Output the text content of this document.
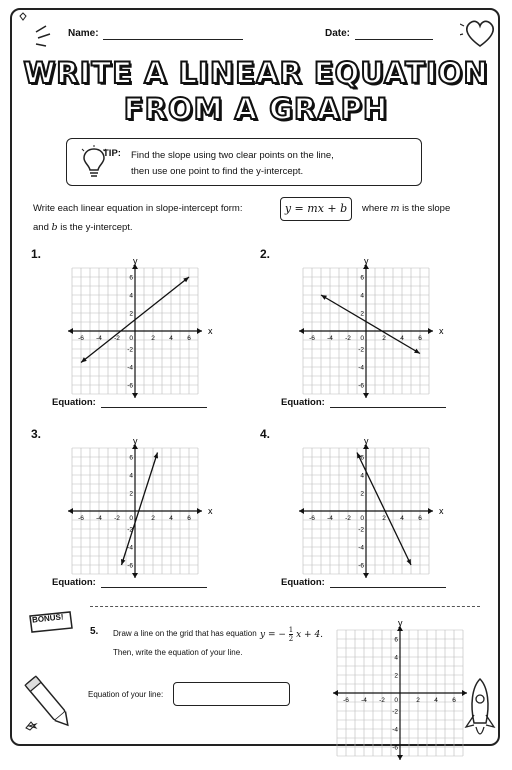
Name:	Date:
WRITE A LINEAR EQUATION
FROM A GRAPH
TIP: Find the slope using two clear points on the line,
then use one point to find the y-intercept.
Write each linear equation in slope-intercept form:	y = mx + b	where m is the slope
and b is the y-intercept.
1.	2.
3.	4.
Equation:	Equation:
Equation:	Equation:
x
y
-6
-6
-4
-4
-2
-2
2
2
4
4
6
6
0
x
y
-6
-6
-4
-4
-2
-2
2
2
4
4
6
6
0
x
y
-6
-6
-4
-4
-2
-2
2
2
4
4
6
6
0
x
y
-6
-6
-4
-4
-2
-2
2
2
4
4
6
6
0
BONUS!
5. Draw a line on the grid that has equation y = − $\frac{1}{2}$ x + 4.
Then, write the equation of your line.
Equation of your line:
y
-6
-6
-4
-4
-2
-2
2
2
4
4
6
6
0
